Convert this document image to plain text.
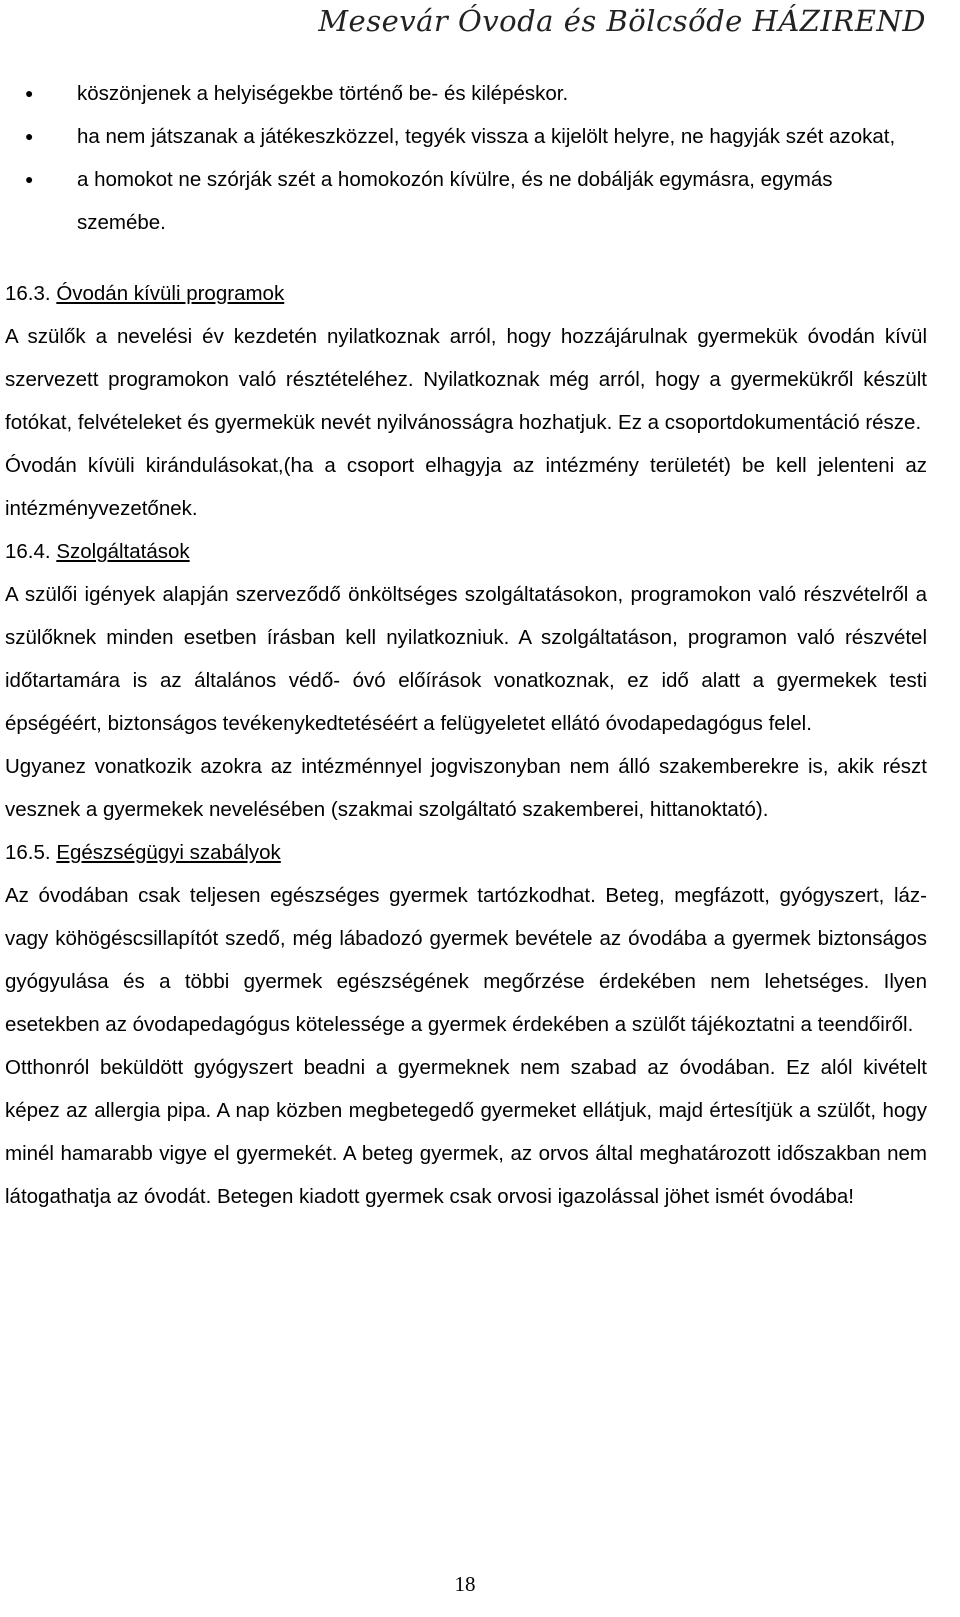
Mesevár Óvoda és Bölcsőde HÁZIREND
● köszönjenek a helyiségekbe történő be- és kilépéskor.
● ha nem játszanak a játékeszközzel, tegyék vissza a kijelölt helyre, ne hagyják szét azokat,
● a homokot ne szórják szét a homokozón kívülre, és ne dobálják egymásra, egymás szemébe.
16.3. Óvodán kívüli programok

A szülők a nevelési év kezdetén nyilatkoznak arról, hogy hozzájárulnak gyermekük óvodán kívül szervezett programokon való résztételéhez. Nyilatkoznak még arról, hogy a gyermekükről készült fotókat, felvételeket és gyermekük nevét nyilvánosságra hozhatjuk. Ez a csoportdokumentáció része.

Óvodán kívüli kirándulásokat,(ha a csoport elhagyja az intézmény területét) be kell jelenteni az intézményvezetőnek.

16.4. Szolgáltatások

A szülői igények alapján szerveződő önköltséges szolgáltatásokon, programokon való részvételről a szülőknek minden esetben írásban kell nyilatkozniuk. A szolgáltatáson, programon való részvétel időtartamára is az általános védő- óvó előírások vonatkoznak, ez idő alatt a gyermekek testi épségéért, biztonságos tevékenykedtetéséért a felügyeletet ellátó óvodapedagógus felel.

Ugyanez vonatkozik azokra az intézménnyel jogviszonyban nem álló szakemberekre is, akik részt vesznek a gyermekek nevelésében (szakmai szolgáltató szakemberei, hittanoktató).

16.5. Egészségügyi szabályok

Az óvodában csak teljesen egészséges gyermek tartózkodhat. Beteg, megfázott, gyógyszert, láz- vagy köhögéscsillapítót szedő, még lábadozó gyermek bevétele az óvodába a gyermek biztonságos gyógyulása és a többi gyermek egészségének megőrzése érdekében nem lehetséges. Ilyen esetekben az óvodapedagógus kötelessége a gyermek érdekében a szülőt tájékoztatni a teendőiről.

Otthonról beküldött gyógyszert beadni a gyermeknek nem szabad az óvodában. Ez alól kivételt képez az allergia pipa. A nap közben megbetegedő gyermeket ellátjuk, majd értesítjük a szülőt, hogy minél hamarabb vigye el gyermekét. A beteg gyermek, az orvos által meghatározott időszakban nem látogathatja az óvodát. Betegen kiadott gyermek csak orvosi igazolással jöhet ismét óvodába!

18
